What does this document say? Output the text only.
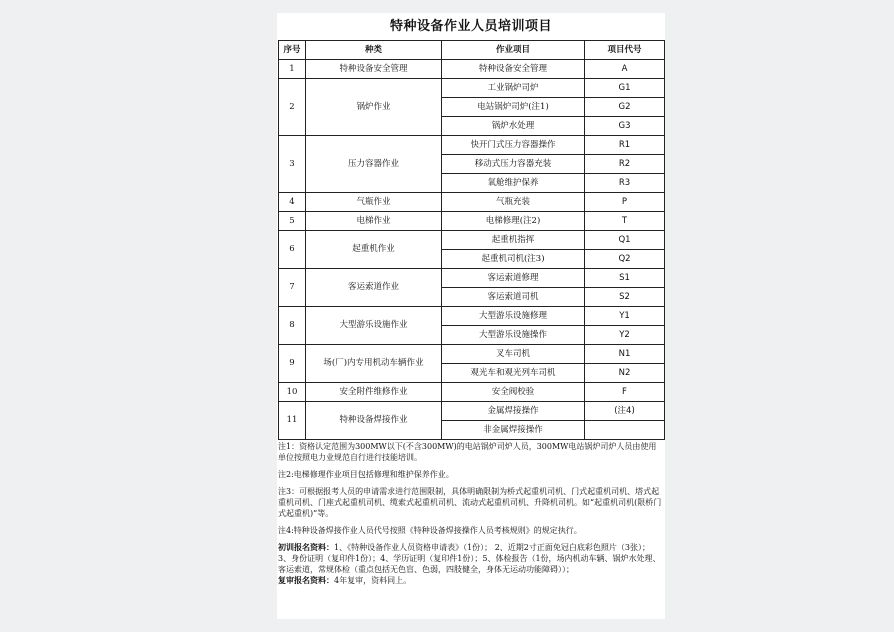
特种设备作业人员培训项目
序号	种类	作业项目	项目代号
1	特种设备安全管理	特种设备安全管理	A
2	锅炉作业	工业锅炉司炉	G1
		电站锅炉司炉(注1)	G2
		锅炉水处理	G3
3	压力容器作业	快开门式压力容器操作	R1
		移动式压力容器充装	R2
		氧舱维护保养	R3
4	气瓶作业	气瓶充装	P
5	电梯作业	电梯修理(注2)	T
6	起重机作业	起重机指挥	Q1
		起重机司机(注3)	Q2
7	客运索道作业	客运索道修理	S1
		客运索道司机	S2
8	大型游乐设施作业	大型游乐设施修理	Y1
		大型游乐设施操作	Y2
9	场(厂)内专用机动车辆作业	叉车司机	N1
		观光车和观光列车司机	N2
10	安全附件维修作业	安全阀校验	F
11	特种设备焊接作业	金属焊接操作	(注4)
		非金属焊接操作	

注1：资格认定范围为300MW以下(不含300MW)的电站锅炉司炉人员，300MW电站锅炉司炉人员由使用单位按照电力业规范自行进行技能培训。

注2:电梯修理作业项目包括修理和维护保养作业。

注3：可根据报考人员的申请需求进行范围限制，具体明确限制为桥式起重机司机、门式起重机司机、塔式起重机司机、门座式起重机司机、缆索式起重机司机、流动式起重机司机、升降机司机。如“起重机司机(限桥门式起重机)”等。

注4:特种设备焊接作业人员代号按照《特种设备焊接操作人员考核规则》的规定执行。

初训报名资料：1、《特种设备作业人员资格申请表》（1份）； 2、近期2寸正面免冠白底彩色照片（3张）；3、身份证明（复印件1份）；4、学历证明（复印件1份）；5、体检报告（1份，场内机动车辆、锅炉水处理、客运索道，常规体检（重点包括无色盲、色弱，四肢健全，身体无运动功能障碍））；

复审报名资料：4年复审，资料同上。
